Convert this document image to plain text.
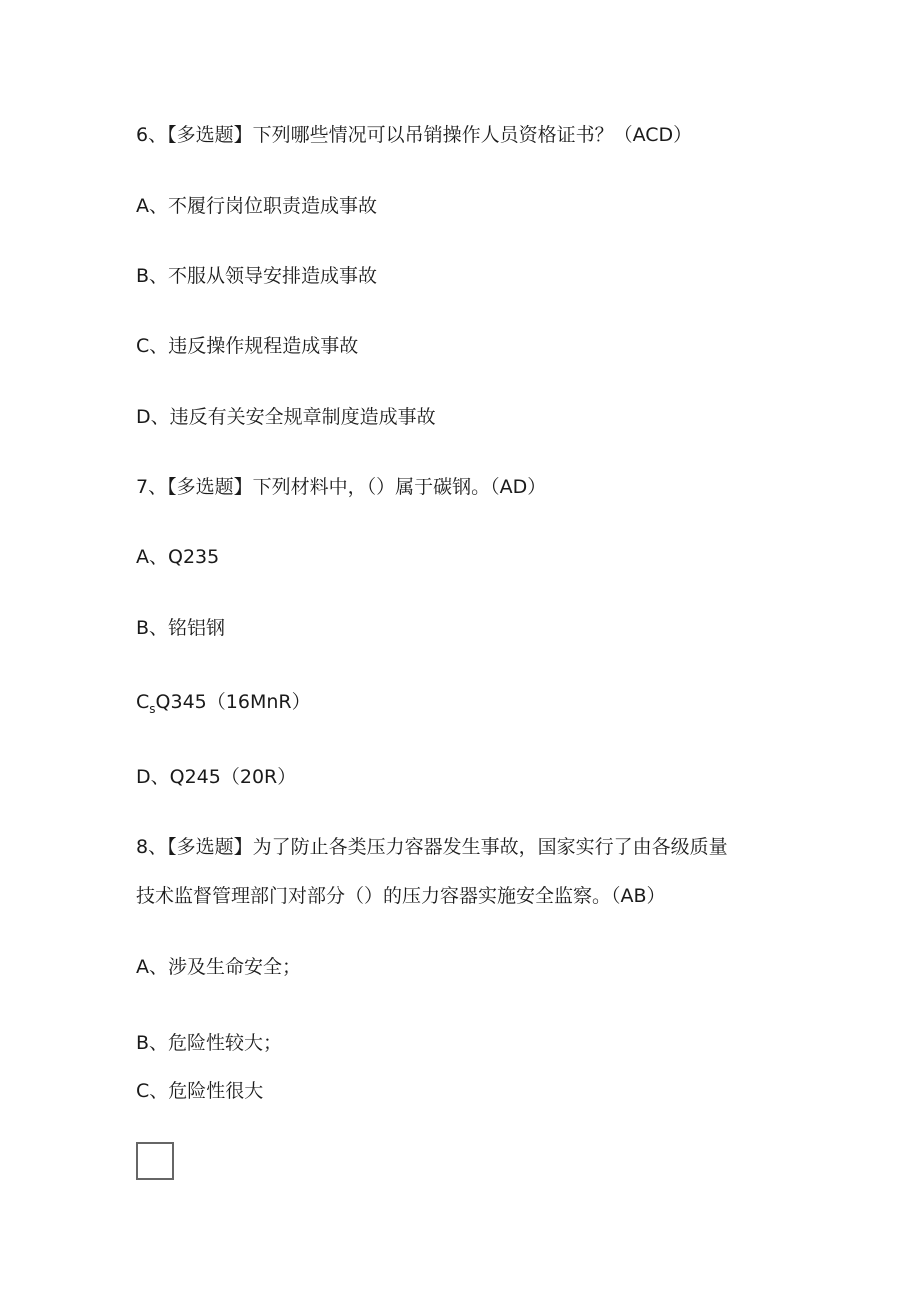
6、【多选题】下列哪些情况可以吊销操作人员资格证书？（ACD）
A、不履行岗位职责造成事故
B、不服从领导安排造成事故
C、违反操作规程造成事故
D、违反有关安全规章制度造成事故
7、【多选题】下列材料中，（）属于碳钢。（AD）
A、Q235
B、铭铝钢
$C_sQ345(16MnR)$
D、Q245（20R）
8、【多选题】为了防止各类压力容器发生事故，国家实行了由各级质量
技术监督管理部门对部分（）的压力容器实施安全监察。（AB）
A、涉及生命安全；
B、危险性较大；
C、危险性很大
